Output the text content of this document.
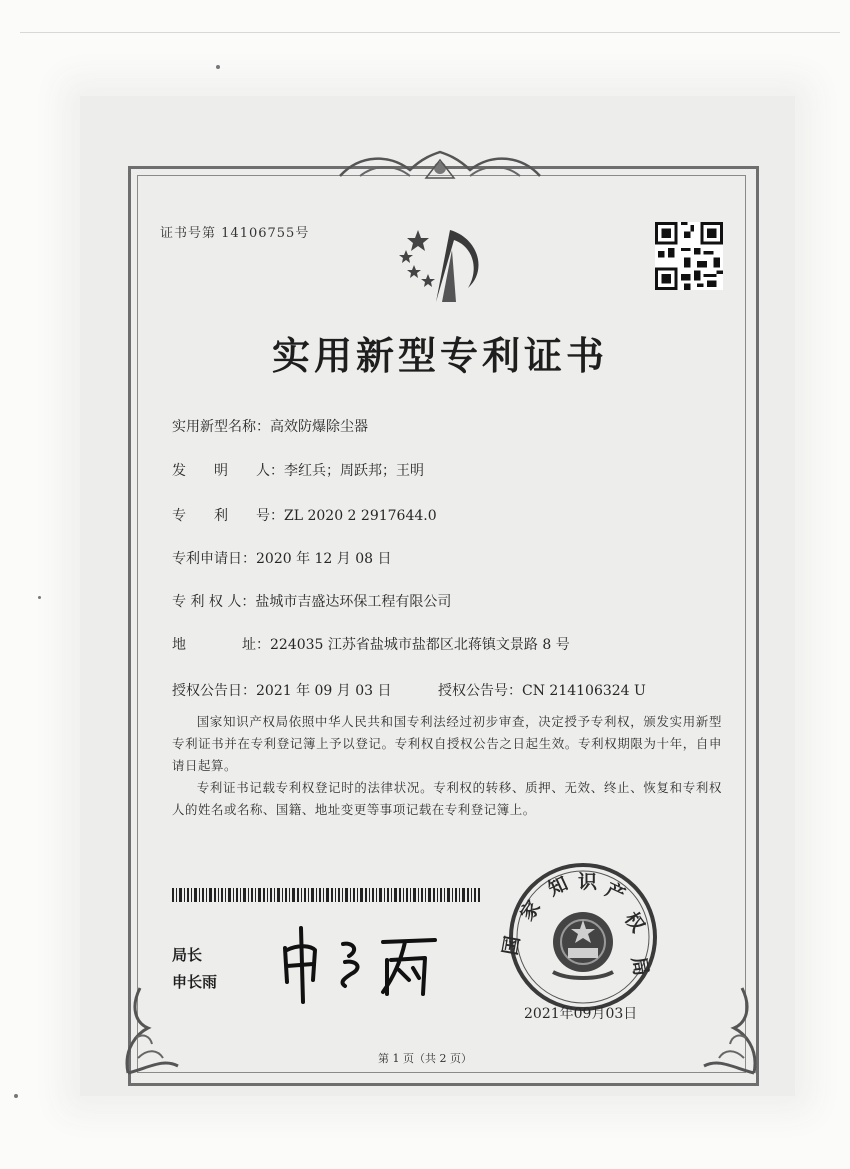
证书号第 14106755号
实用新型专利证书
实用新型名称：高效防爆除尘器
发　　明　　人：李红兵；周跃邦；王明
专　　利　　号：ZL 2020 2 2917644.0
专利申请日：2020 年 12 月 08 日
专 利 权 人：盐城市吉盛达环保工程有限公司
地　　　　址：224035 江苏省盐城市盐都区北蒋镇文景路 8 号
授权公告日：2021 年 09 月 03 日	授权公告号：CN 214106324 U
国家知识产权局依照中华人民共和国专利法经过初步审查，决定授予专利权，颁发实用新型专利证书并在专利登记簿上予以登记。专利权自授权公告之日起生效。专利权期限为十年，自申请日起算。
专利证书记载专利权登记时的法律状况。专利权的转移、质押、无效、终止、恢复和专利权人的姓名或名称、国籍、地址变更等事项记载在专利登记簿上。
局长
申长雨
家
知 识 产
权
国
局
2021年09月03日
第 1 页（共 2 页）
